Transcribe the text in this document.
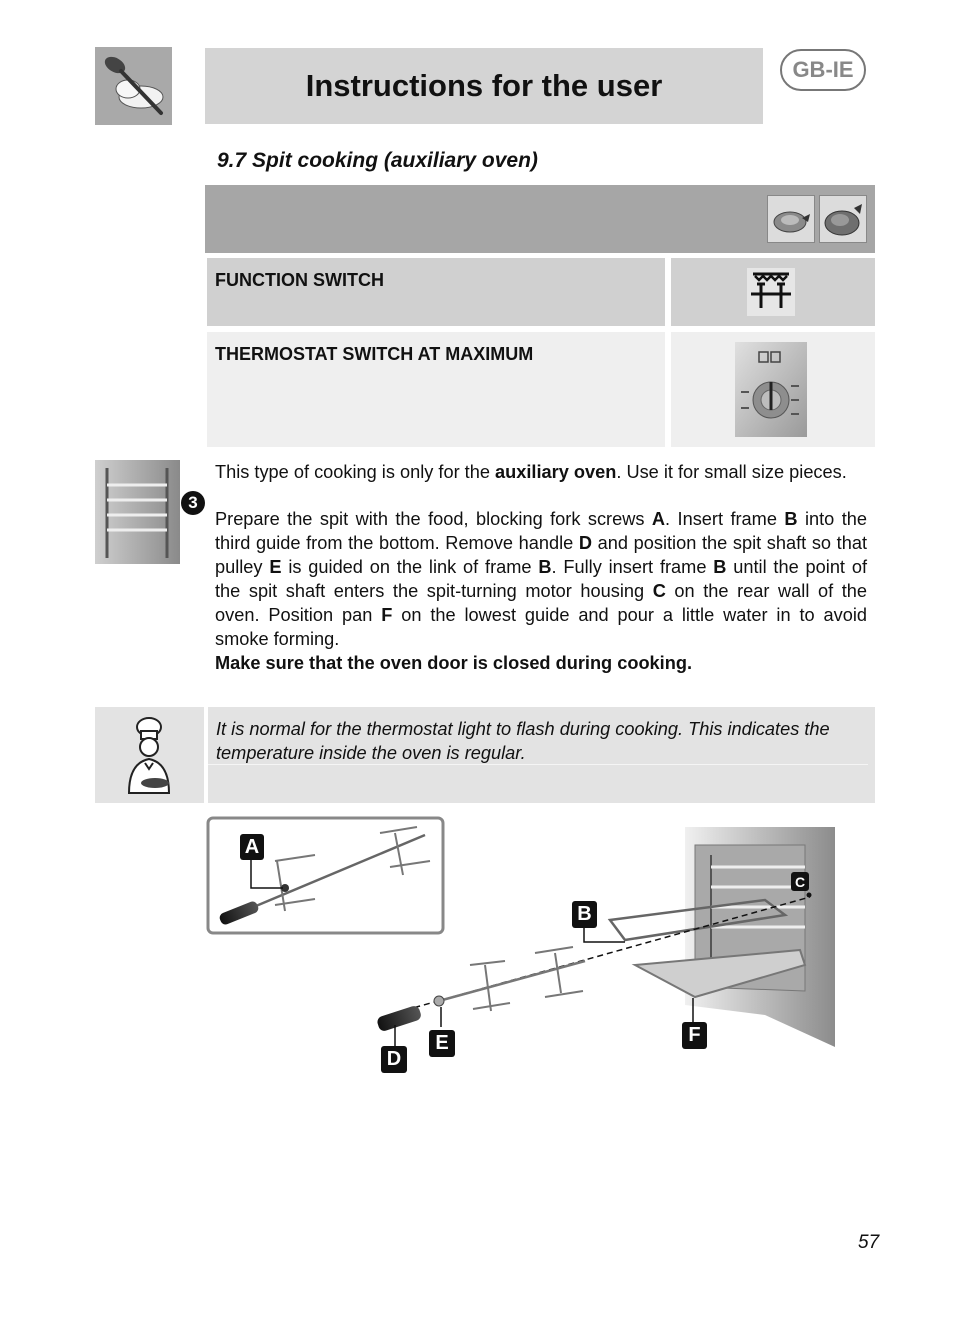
Instructions for the user	GB-IE
9.7 Spit cooking (auxiliary oven)
FUNCTION SWITCH
THERMOSTAT SWITCH AT MAXIMUM
3

This type of cooking is only for the auxiliary oven. Use it for small size pieces.

Prepare the spit with the food, blocking fork screws A. Insert frame B into the third guide from the bottom. Remove handle D and position the spit shaft so that pulley E is guided on the link of frame B. Fully insert frame B until the point of the spit shaft enters the spit-turning motor housing C on the rear wall of the oven. Position pan F on the lowest guide and pour a little water in to avoid smoke forming.

Make sure that the oven door is closed during cooking.

It is normal for the thermostat light to flash during cooking. This indicates the temperature inside the oven is regular.
A
B
C
D
E	F
57
